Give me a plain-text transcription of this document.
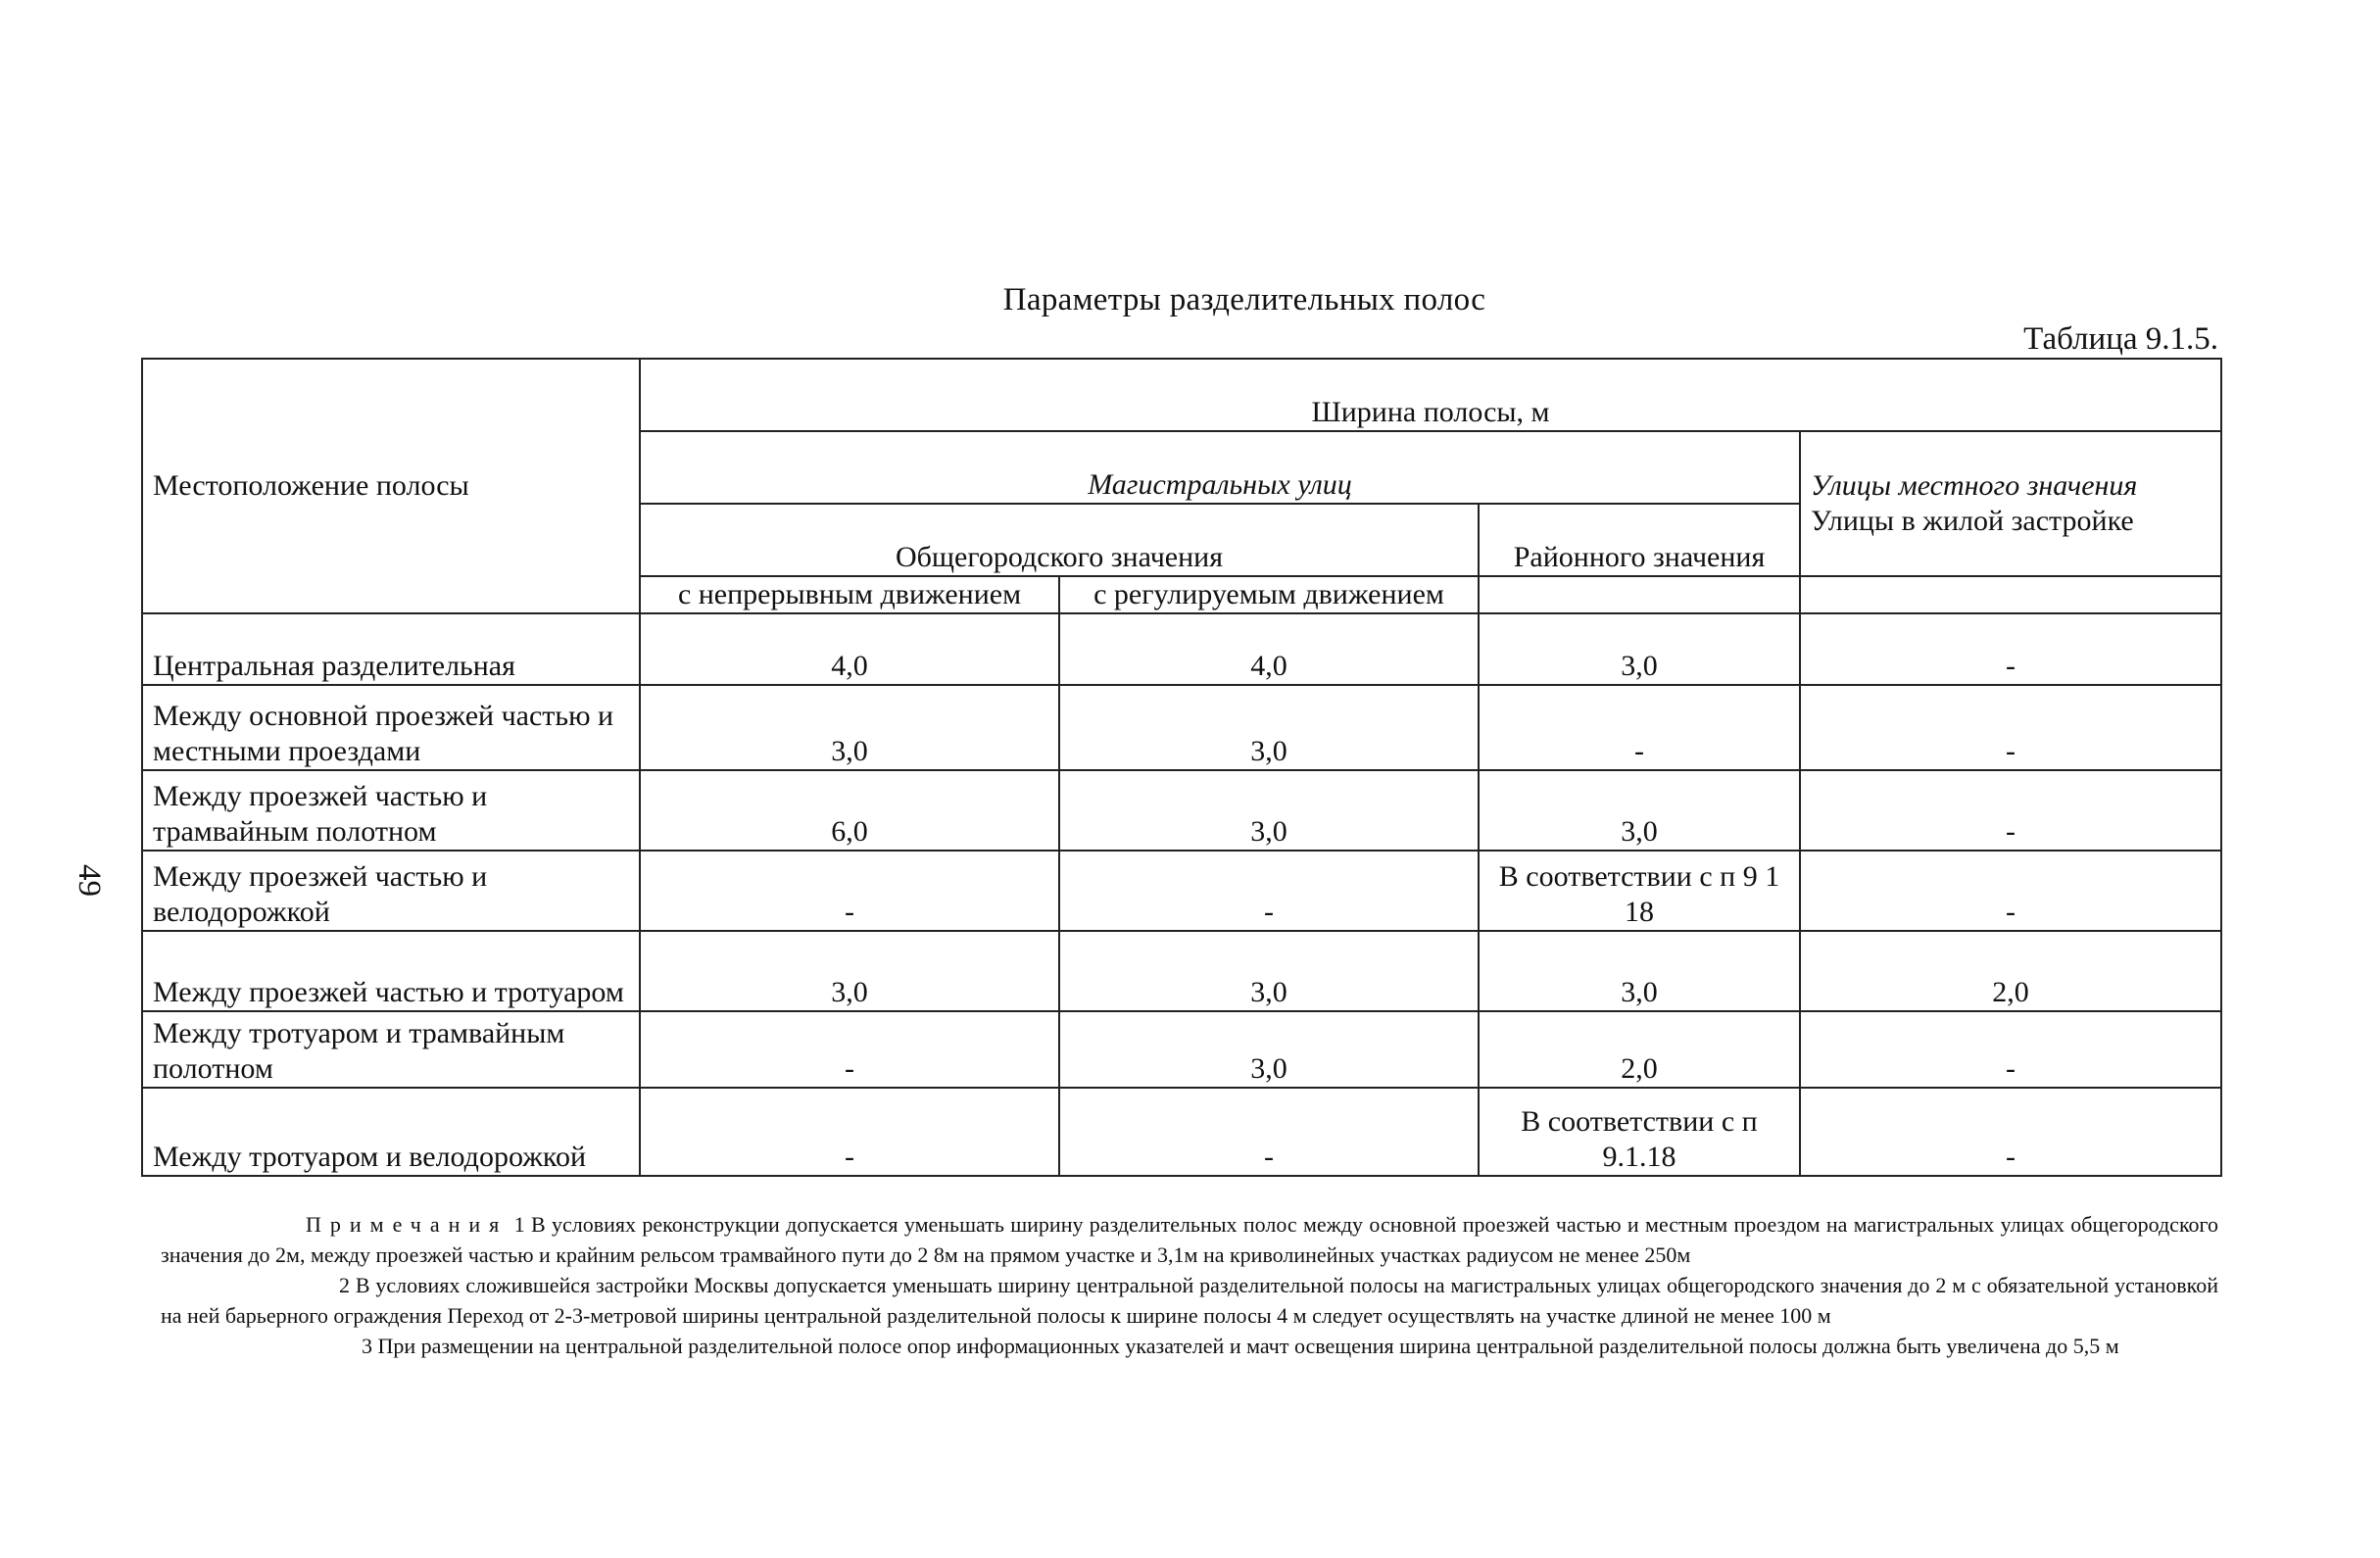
Параметры разделительных полос
Таблица 9.1.5.
49
Местоположение полосы	Ширина полосы, м			
	Магистральных улиц			Улицы местного значения
Улицы в жилой застройке

	Общегородского значения		Районного значения	
	с непрерывным движением	с регулируемым движением		
Центральная разделительная	4,0	4,0	3,0	-
Между основной проезжей частью и местными проездами	3,0	3,0	-	-
Между проезжей частью и трамвайным полотном	6,0	3,0	3,0	-
Между проезжей частью и велодорожкой	-	-	В соответствии с п 9 1 18	-
Между проезжей частью и тротуаром	3,0	3,0	3,0	2,0
Между тротуаром и трамвайным полотном	-	3,0	2,0	-
Между тротуаром и велодорожкой	-	-	В соответствии с п 9.1.18	-

Примечания 1 В условиях реконструкции допускается уменьшать ширину разделительных полос между основной проезжей частью и местным проездом на магистральных улицах общегородского значения до 2м, между проезжей частью и крайним рельсом трамвайного пути до 2 8м на прямом участке и 3,1м на криволинейных участках радиусом не менее 250м

2 В условиях сложившейся застройки Москвы допускается уменьшать ширину центральной разделительной полосы на магистральных улицах общегородского значения до 2 м с обязательной установкой на ней барьерного ограждения Переход от 2-3-метровой ширины центральной разделительной полосы к ширине полосы 4 м следует осуществлять на участке длиной не менее 100 м

3 При размещении на центральной разделительной полосе опор информационных указателей и мачт освещения ширина центральной разделительной полосы должна быть увеличена до 5,5 м
